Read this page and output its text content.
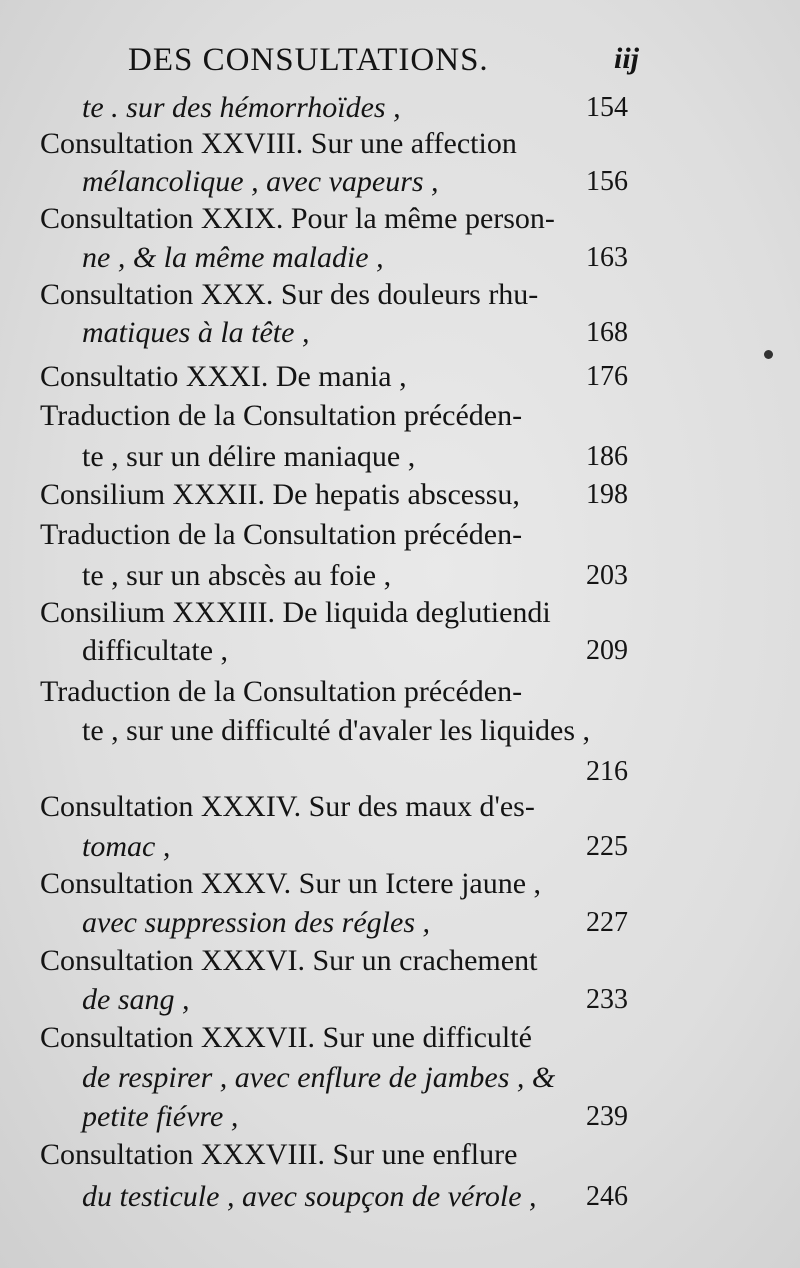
DES CONSULTATIONS.	iij
te . sur des hémorrhoïdes ,	154
Consultation XXVIII. Sur une affection
mélancolique , avec vapeurs ,	156
Consultation XXIX. Pour la même person-
ne , & la même maladie ,	163
Consultation XXX. Sur des douleurs rhu-
matiques à la tête ,	168
Consultatio XXXI. De mania ,	176
Traduction de la Consultation précéden-
te , sur un délire maniaque ,	186
Consilium XXXII. De hepatis abscessu, 198
Traduction de la Consultation précéden-
te , sur un abscès au foie ,	203
Consilium XXXIII. De liquida deglutiendi
difficultate ,	209
Traduction de la Consultation précéden-
te , sur une difficulté d'avaler les liquides ,
216
Consultation XXXIV. Sur des maux d'es-
tomac ,	225
Consultation XXXV. Sur un Ictere jaune ,
avec suppression des régles ,	227
Consultation XXXVI. Sur un crachement
de sang ,	233
Consultation XXXVII. Sur une difficulté
de respirer , avec enflure de jambes , &
petite fiévre ,	239
Consultation XXXVIII. Sur une enflure
du testicule , avec soupçon de vérole , 246
